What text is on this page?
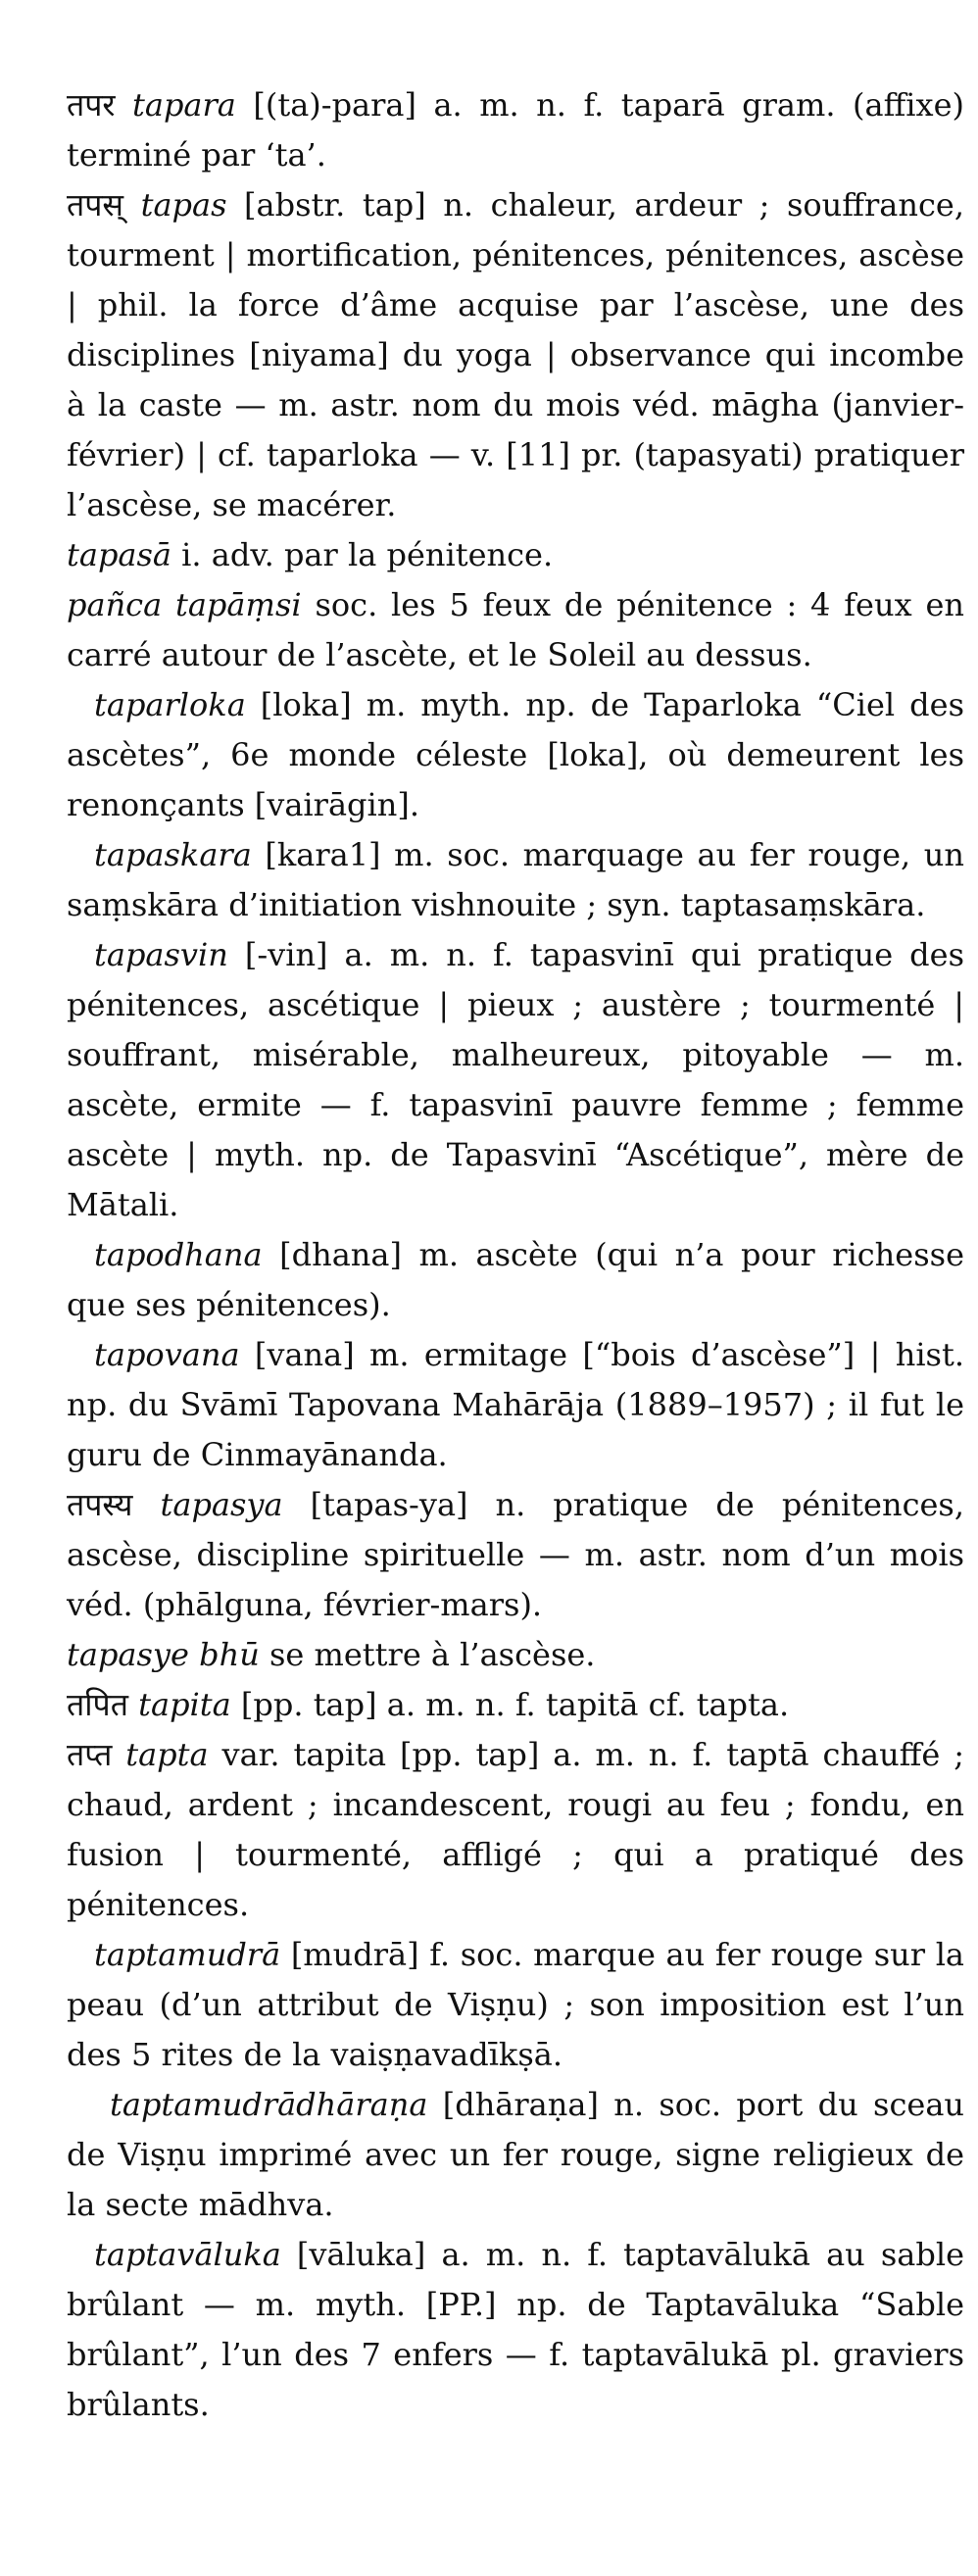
तपर tapara [(ta)-para] a. m. n. f. taparā gram. (affixe) terminé par ‘ta’.

तपस् tapas [abstr. tap] n. chaleur, ardeur ; souffrance, tourment | mortification, pénitences, pénitences, ascèse | phil. la force d’âme acquise par l’ascèse, une des disciplines [niyama] du yoga | observance qui incombe à la caste — m. astr. nom du mois véd. māgha (janvier-février) | cf. taparloka — v. [11] pr. (tapasyati) pratiquer l’ascèse, se macérer.

tapasā i. adv. par la pénitence.

pañca tapāṃsi soc. les 5 feux de pénitence : 4 feux en carré autour de l’ascète, et le Soleil au dessus.

taparloka [loka] m. myth. np. de Taparloka “Ciel des ascètes”, 6e monde céleste [loka], où demeurent les renonçants [vairāgin].

tapaskara [kara1] m. soc. marquage au fer rouge, un saṃskāra d’initiation vishnouite ; syn. taptasaṃskāra.

tapasvin [-vin] a. m. n. f. tapasvinī qui pratique des pénitences, ascétique | pieux ; austère ; tourmenté | souffrant, misérable, malheureux, pitoyable — m. ascète, ermite — f. tapasvinī pauvre femme ; femme ascète | myth. np. de Tapasvinī “Ascétique”, mère de Mātali.

tapodhana [dhana] m. ascète (qui n’a pour richesse que ses pénitences).

tapovana [vana] m. ermitage [“bois d’ascèse”] | hist. np. du Svāmī Tapovana Mahārāja (1889–1957) ; il fut le guru de Cinmayānanda.

तपस्य tapasya [tapas-ya] n. pratique de pénitences, ascèse, discipline spirituelle — m. astr. nom d’un mois véd. (phālguna, février-mars).

tapasye bhū se mettre à l’ascèse.

तपित tapita [pp. tap] a. m. n. f. tapitā cf. tapta.

तप्त tapta var. tapita [pp. tap] a. m. n. f. taptā chauffé ; chaud, ardent ; incandescent, rougi au feu ; fondu, en fusion | tourmenté, affligé ; qui a pratiqué des pénitences.

taptamudrā [mudrā] f. soc. marque au fer rouge sur la peau (d’un attribut de Viṣṇu) ; son imposition est l’un des 5 rites de la vaiṣṇavadīkṣā.

taptamudrādhāraṇa [dhāraṇa] n. soc. port du sceau de Viṣṇu imprimé avec un fer rouge, signe religieux de la secte mādhva.

taptavāluka [vāluka] a. m. n. f. taptavālukā au sable brûlant — m. myth. [PP.] np. de Taptavāluka “Sable brûlant”, l’un des 7 enfers — f. taptavālukā pl. graviers brûlants.
